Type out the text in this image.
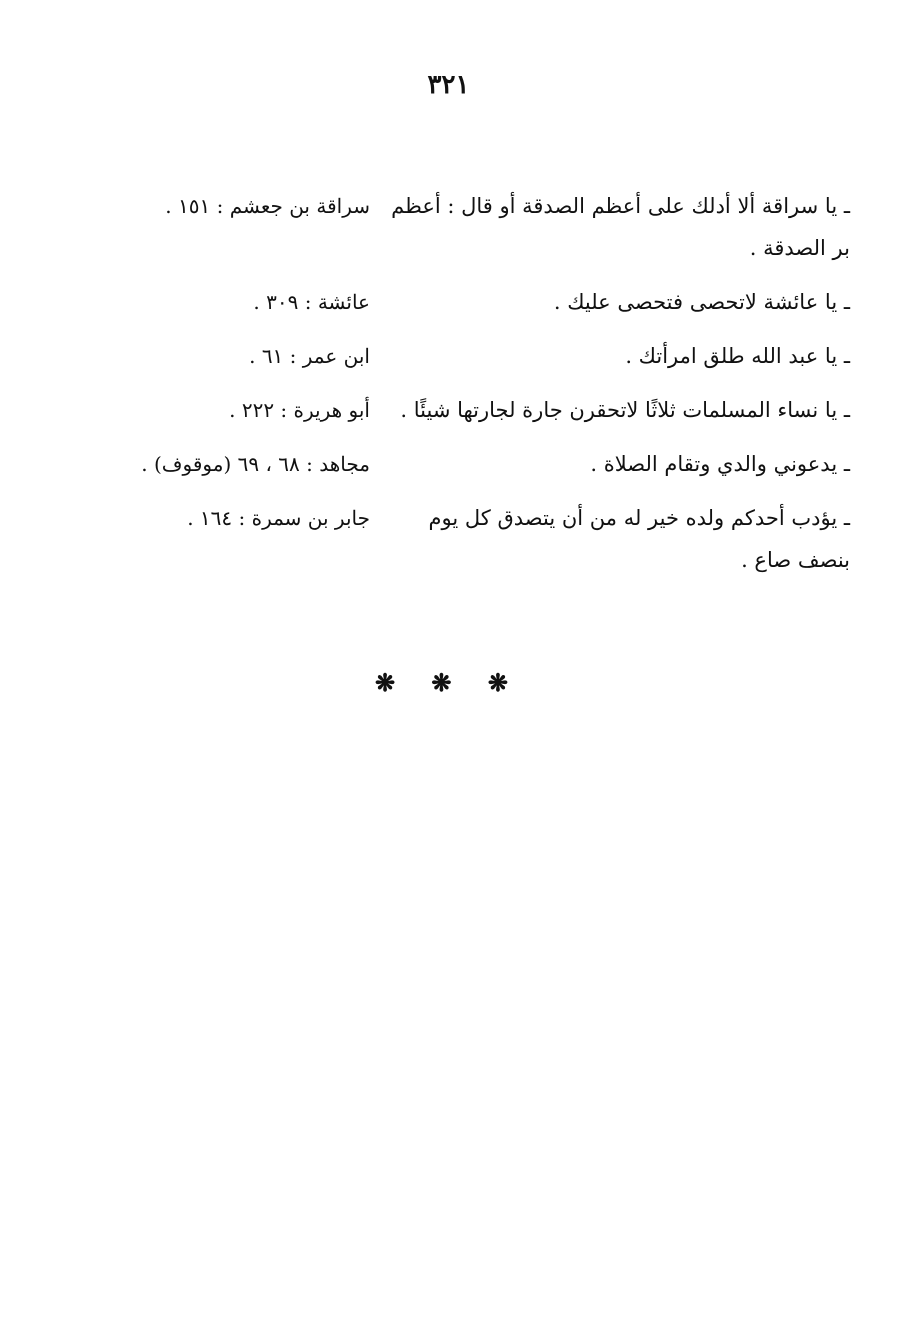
٣٢١
ـ يا سراقة ألا أدلك على أعظم الصدقة أو قال : أعظم بر الصدقة .
سراقة بن جعشم : ١٥١ .
ـ يا عائشة لاتحصى فتحصى عليك .
عائشة : ٣٠٩ .
ـ يا عبد الله طلق امرأتك .
ابن عمر : ٦١ .
ـ يا نساء المسلمات ثلاثًا لاتحقرن جارة لجارتها شيئًا .
أبو هريرة : ٢٢٢ .
ـ يدعوني والدي وتقام الصلاة .
مجاهد : ٦٨ ، ٦٩ (موقوف) .
ـ يؤدب أحدكم ولده خير له من أن يتصدق كل يوم بنصف صاع .
جابر بن سمرة : ١٦٤ .
❋ ❋ ❋
